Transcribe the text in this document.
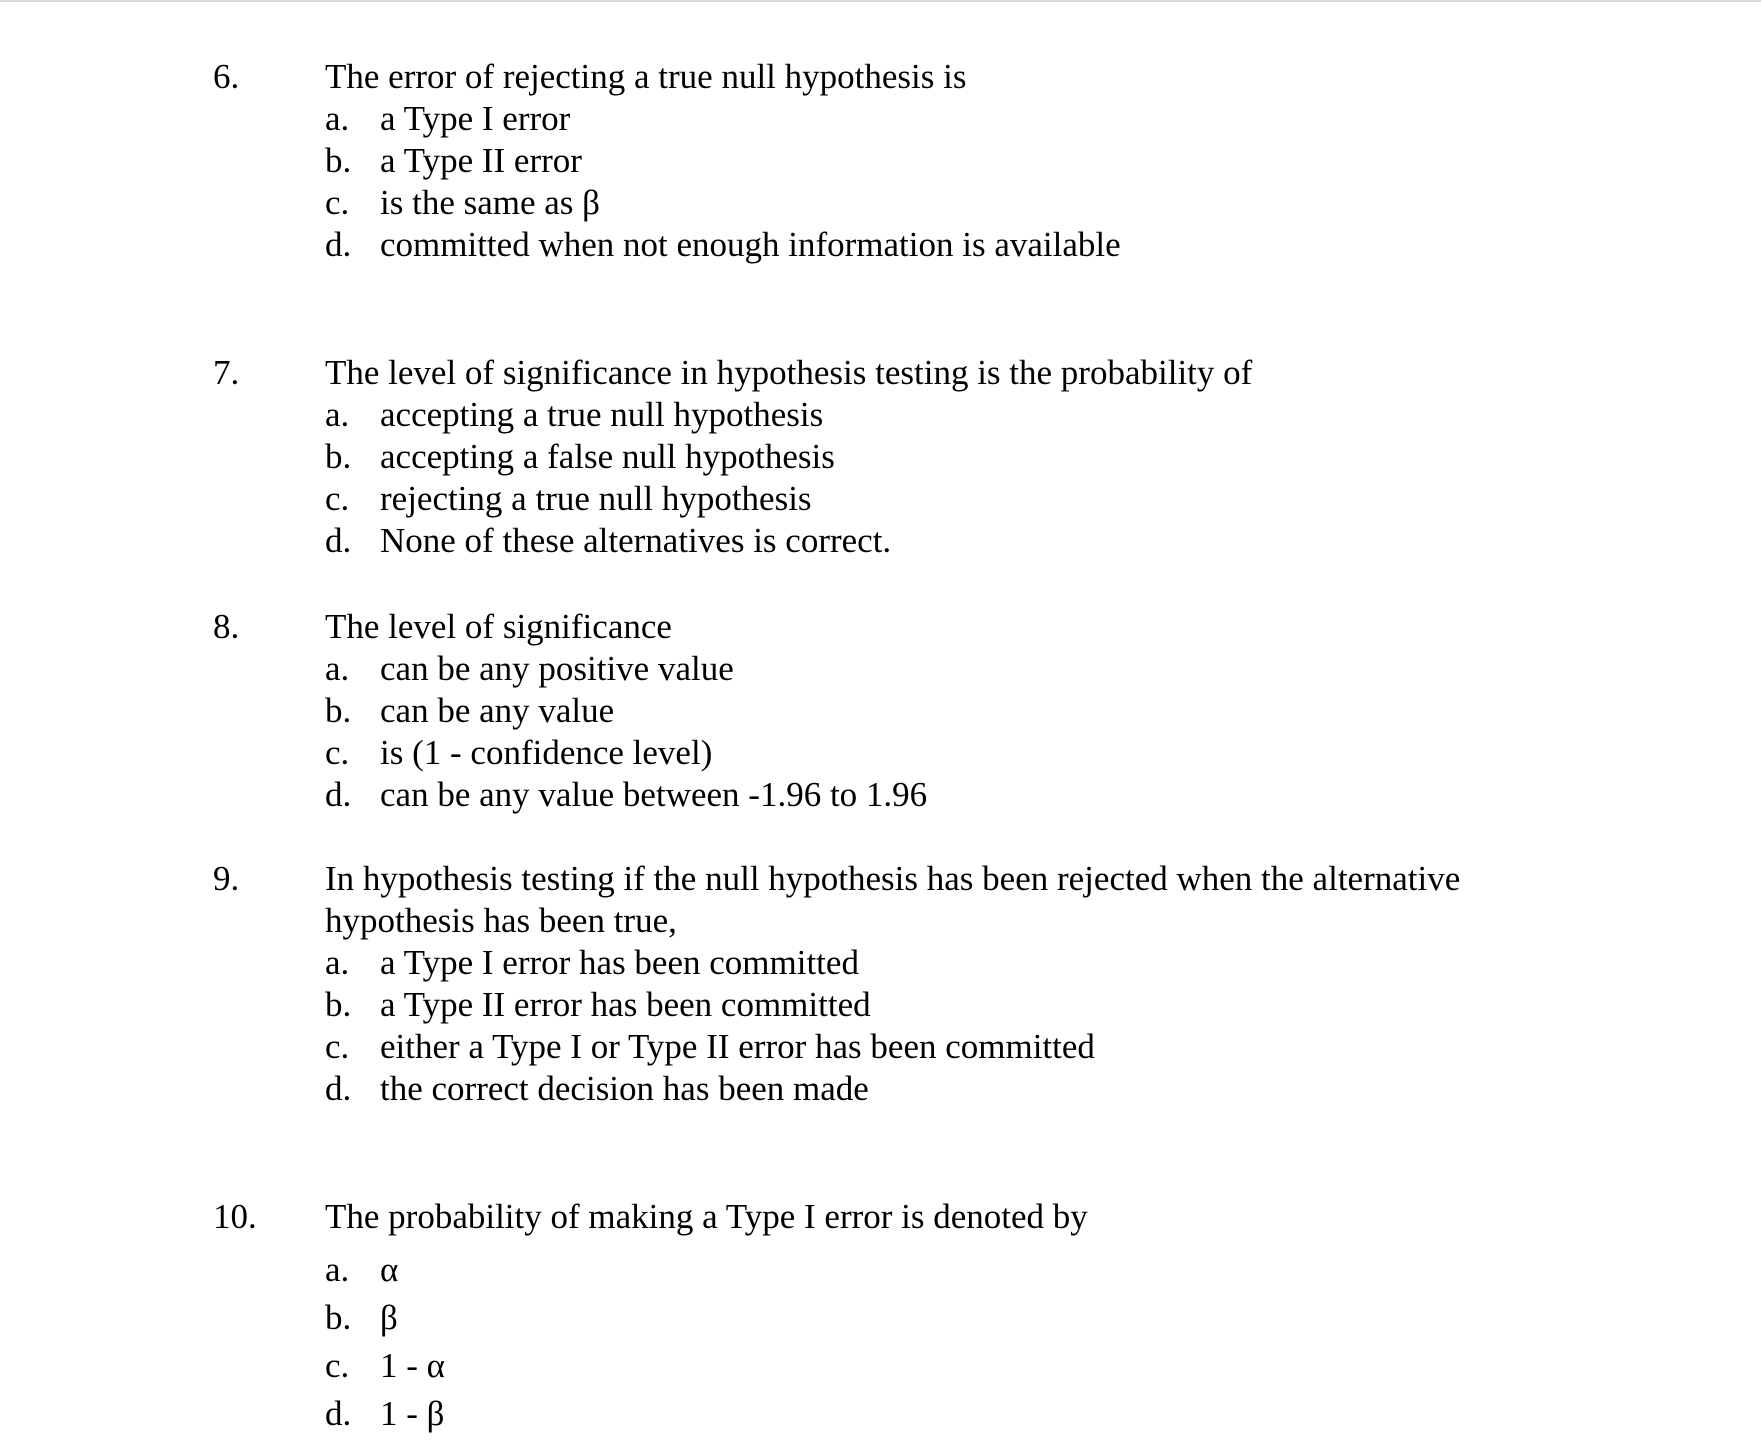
6. The error of rejecting a true null hypothesis is

a. a Type I error
b. a Type II error
c. is the same as β
d. committed when not enough information is available
7. The level of significance in hypothesis testing is the probability of

a. accepting a true null hypothesis
b. accepting a false null hypothesis
c. rejecting a true null hypothesis
d. None of these alternatives is correct.
8. The level of significance

a. can be any positive value
b. can be any value
c. is (1 - confidence level)
d. can be any value between -1.96 to 1.96
9. In hypothesis testing if the null hypothesis has been rejected when the alternative hypothesis has been true,

a. a Type I error has been committed
b. a Type II error has been committed
c. either a Type I or Type II error has been committed
d. the correct decision has been made
10. The probability of making a Type I error is denoted by

a. α
b. β
c. 1 - α
d. 1 - β
